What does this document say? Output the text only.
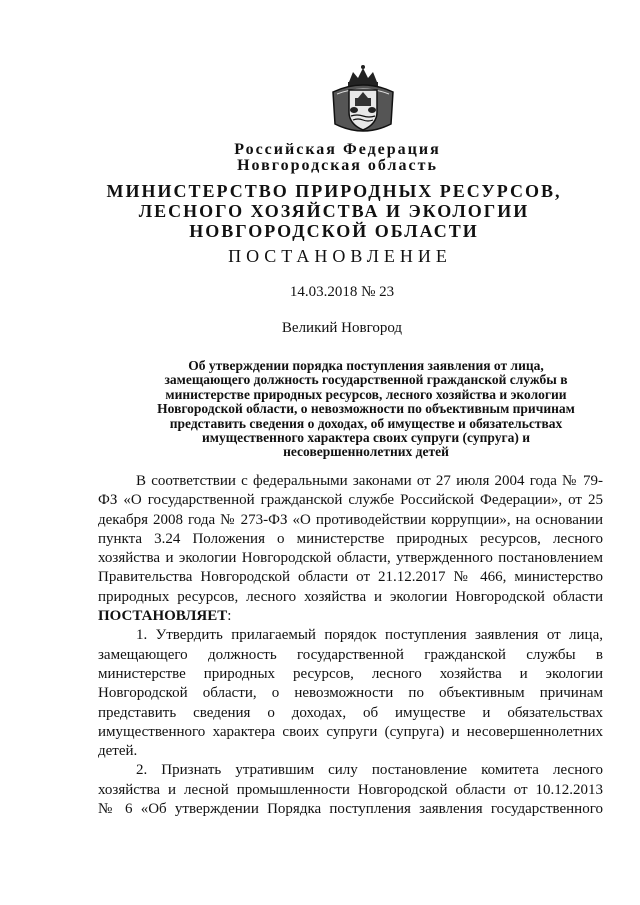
Российская Федерация
Новгородская область
МИНИСТЕРСТВО ПРИРОДНЫХ РЕСУРСОВ,
ЛЕСНОГО ХОЗЯЙСТВА И ЭКОЛОГИИ
НОВГОРОДСКОЙ ОБЛАСТИ
ПОСТАНОВЛЕНИЕ
14.03.2018 № 23
Великий Новгород
Об утверждении порядка поступления заявления от лица,
замещающего должность государственной гражданской службы в
министерстве природных ресурсов, лесного хозяйства и экологии
Новгородской области, о невозможности по объективным причинам
представить сведения о доходах, об имуществе и обязательствах
имущественного характера своих супруги (супруга) и
несовершеннолетних детей
В соответствии с федеральными законами от 27 июля 2004 года № 79-
ФЗ «О государственной гражданской службе Российской Федерации», от 25
декабря 2008 года № 273-ФЗ «О противодействии коррупции», на основании
пункта 3.24 Положения о министерстве природных ресурсов, лесного
хозяйства и экологии Новгородской области, утвержденного постановлением
Правительства Новгородской области от 21.12.2017 № 466, министерство
природных ресурсов, лесного хозяйства и экологии Новгородской области
ПОСТАНОВЛЯЕТ:
1. Утвердить прилагаемый порядок поступления заявления от лица,
замещающего должность государственной гражданской службы в
министерстве природных ресурсов, лесного хозяйства и экологии
Новгородской области, о невозможности по объективным причинам
представить сведения о доходах, об имуществе и обязательствах
имущественного характера своих супруги (супруга) и несовершеннолетних
детей.
2. Признать утратившим силу постановление комитета лесного
хозяйства и лесной промышленности Новгородской области от 10.12.2013
№ 6 «Об утверждении Порядка поступления заявления государственного
